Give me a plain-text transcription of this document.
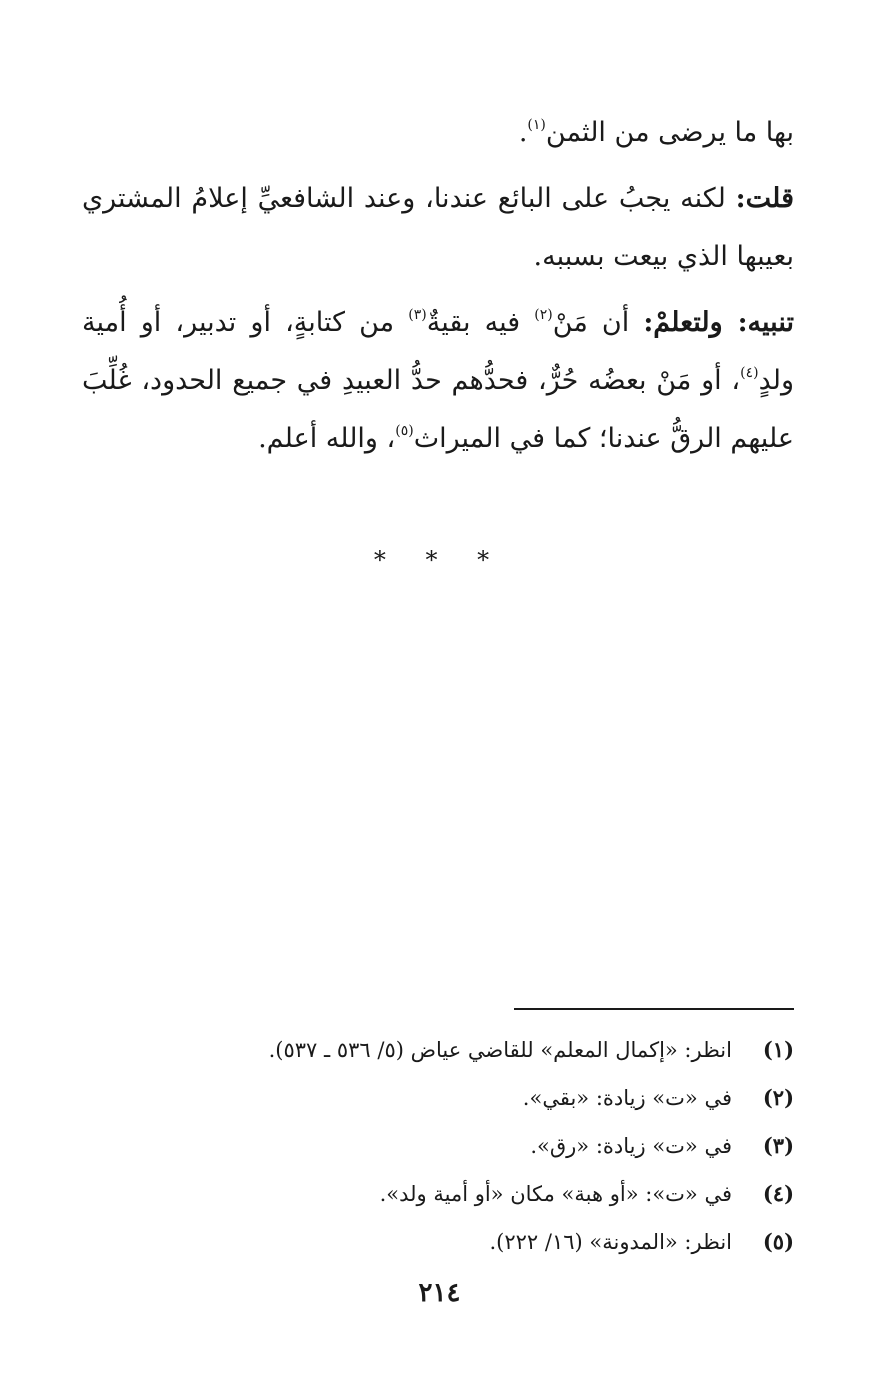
بها ما يرضى من الثمن$^{(١)}$.

قلت: لكنه يجبُ على البائع عندنا، وعند الشافعيِّ إعلامُ المشتري بعيبها الذي بيعت بسببه.

تنبيه: ولتعلمْ: أن مَنْ$^{(٢)}$ فيه بقيةٌ$^{(٣)}$ من كتابةٍ، أو تدبير، أو أُمية ولدٍ$^{(٤)}$، أو مَنْ بعضُه حُرٌّ، فحدُّهم حدُّ العبيدِ في جميع الحدود، غُلِّبَ عليهم الرقُّ عندنا؛ كما في الميراث$^{(٥)}$، والله أعلم.

* * *
(١)انظر: «إكمال المعلم» للقاضي عياض (٥/ ٥٣٦ ـ ٥٣٧).
(٢)في «ت» زيادة: «بقي».
(٣)في «ت» زيادة: «رق».
(٤)في «ت»: «أو هبة» مكان «أو أمية ولد».
(٥)انظر: «المدونة» (١٦/ ٢٢٢).
٢١٤
